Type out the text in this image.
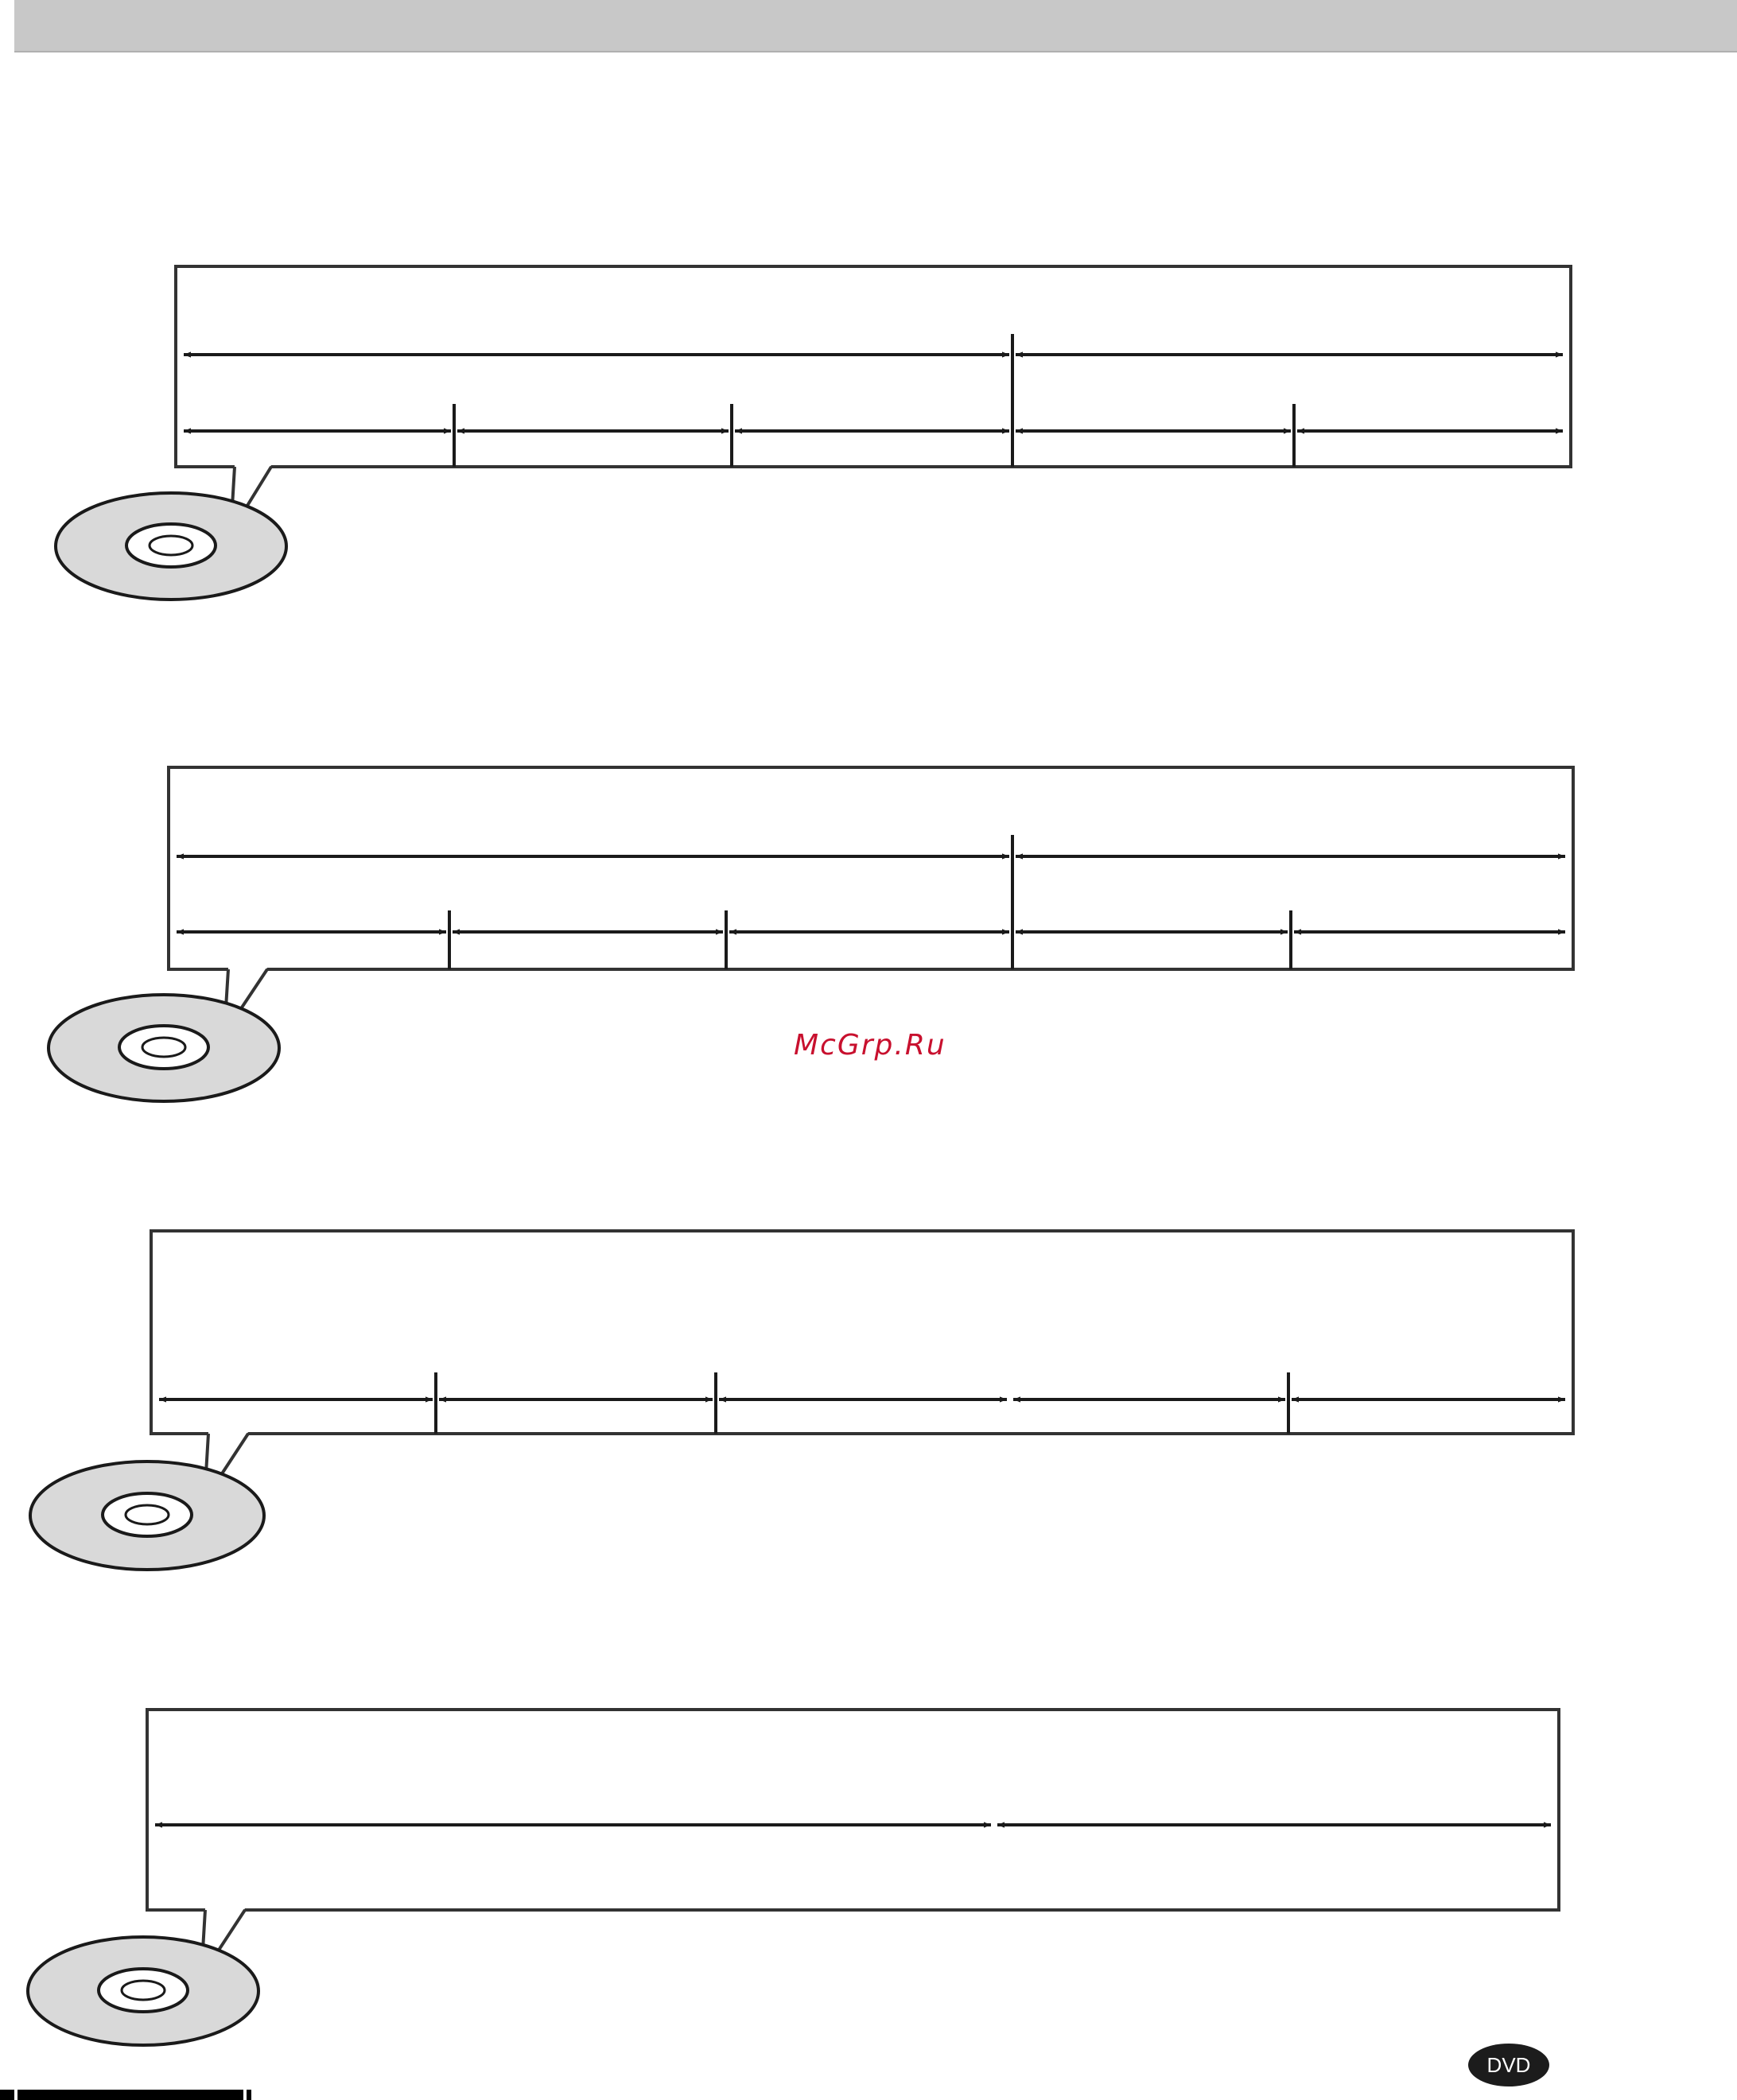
McGrp.Ru
DVD
